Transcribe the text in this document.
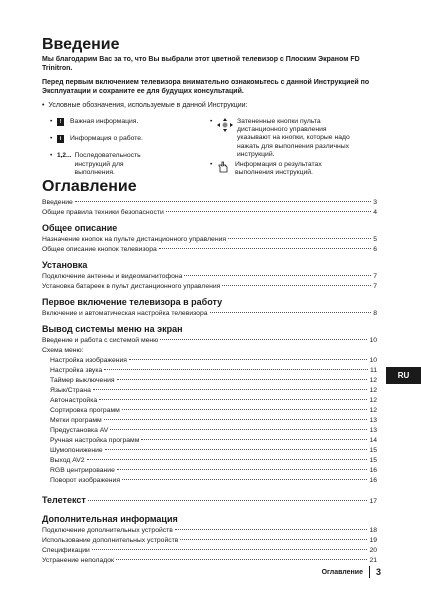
Введение
Мы благодарим Вас за то, что Вы выбрали этот цветной телевизор с Плоским Экраном FD Trinitron.
Перед первым включением телевизора внимательно ознакомьтесь с данной Инструкцией по Эксплуатации и сохраните ее для будущих консультаций.
•  Условные обозначения, используемые в данной Инструкции:
•	!	Важная информация.
•	i	Информация о работе.
• 1,2... Последовательность инструкций для выполнения.
•	Затененные кнопки пульта дистанционного управления указывают на кнопки, которые надо нажать для выполнения различных инструкций.
•	Информация о результатах выполнения инструкций.
Оглавление
Введение	3
Общие правила техники безопасности	4
Общее описание
Назначение кнопок на пульте дистанционного управления	5
Общее описание кнопок телевизора	6
Установка
Подключение антенны и видеомагнитофона	7
Установка батареек в пульт дистанционного управления	7
Первое включение телевизора в работу
Включение и автоматическая настройка телевизора	8
Вывод системы меню на экран
Введение и работа с системой меню	10
Схема меню:
Настройка изображения	10
Настройка звука	11
Таймер выключения	12
Язык/Страна	12
Автонастройка	12
Сортировка программ	12
Метки программ	13
Предустановка AV	13
Ручная настройка программ	14
Шумопонижение	15
Выход AV2	15
RGB центрирование	16
Поворот изображения	16
Телетекст	17
Дополнительная информация
Подключение дополнительных устройств	18
Использование дополнительных устройств	19
Спецификации	20
Устранение неполадок	21
RU
Оглавление 3
